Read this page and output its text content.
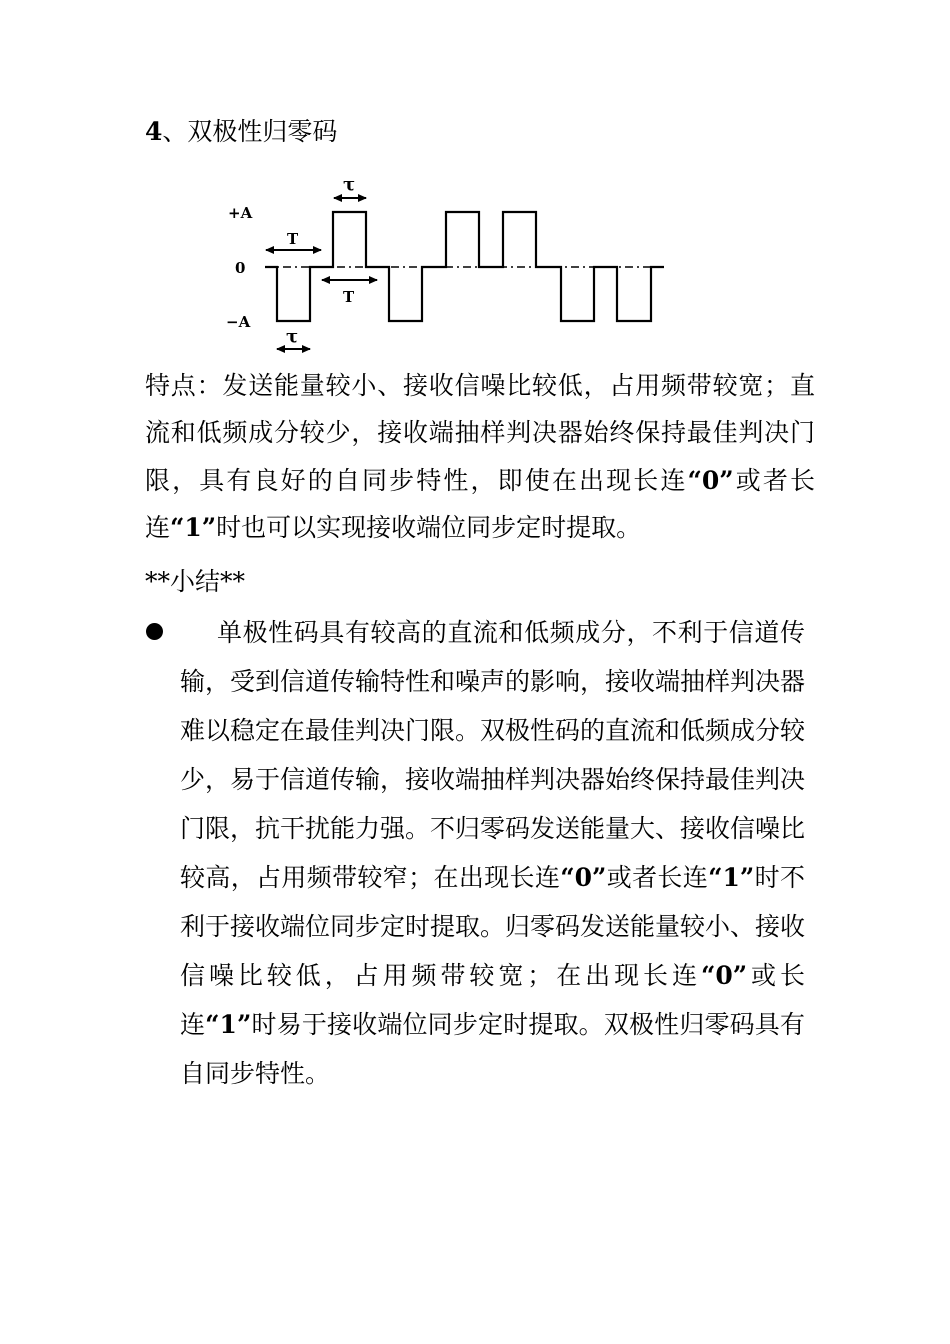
4、双极性归零码
+A
0
−A
T
T
τ
τ
特点：发送能量较小、接收信噪比较低，占用频带较宽；直流和低频成分较少，接收端抽样判决器始终保持最佳判决门限，具有良好的自同步特性，即使在出现长连“0”或者长连“1”时也可以实现接收端位同步定时提取。
**小结**
单极性码具有较高的直流和低频成分，不利于信道传输，受到信道传输特性和噪声的影响，接收端抽样判决器难以稳定在最佳判决门限。双极性码的直流和低频成分较少，易于信道传输，接收端抽样判决器始终保持最佳判决门限，抗干扰能力强。不归零码发送能量大、接收信噪比较高，占用频带较窄；在出现长连“0”或者长连“1”时不利于接收端位同步定时提取。归零码发送能量较小、接收信噪比较低，占用频带较宽；在出现长连“0”或长连“1”时易于接收端位同步定时提取。双极性归零码具有自同步特性。
